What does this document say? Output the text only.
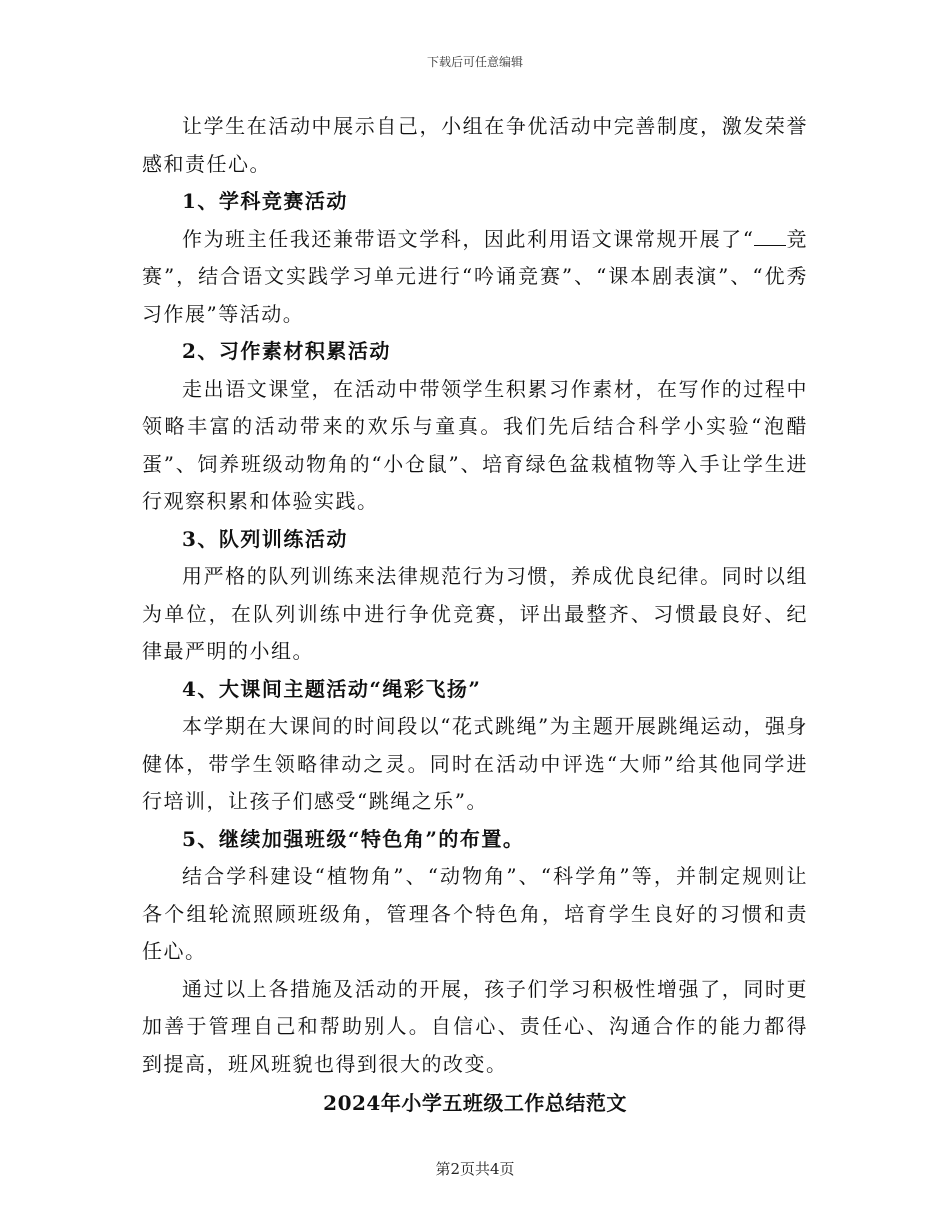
下载后可任意编辑

让学生在活动中展示自己，小组在争优活动中完善制度，激发荣誉感和责任心。

1、学科竞赛活动

作为班主任我还兼带语文学科，因此利用语文课常规开展了“ 竞赛”，结合语文实践学习单元进行“吟诵竞赛”、“课本剧表演”、“优秀习作展”等活动。

2、习作素材积累活动

走出语文课堂，在活动中带领学生积累习作素材，在写作的过程中领略丰富的活动带来的欢乐与童真。我们先后结合科学小实验“泡醋蛋”、饲养班级动物角的“小仓鼠”、培育绿色盆栽植物等入手让学生进行观察积累和体验实践。

3、队列训练活动

用严格的队列训练来法律规范行为习惯，养成优良纪律。同时以组为单位，在队列训练中进行争优竞赛，评出最整齐、习惯最良好、纪律最严明的小组。

4、大课间主题活动“绳彩飞扬”

本学期在大课间的时间段以“花式跳绳”为主题开展跳绳运动，强身健体，带学生领略律动之灵。同时在活动中评选“大师”给其他同学进行培训，让孩子们感受“跳绳之乐”。

5、继续加强班级“特色角”的布置。

结合学科建设“植物角”、“动物角”、“科学角”等，并制定规则让各个组轮流照顾班级角，管理各个特色角，培育学生良好的习惯和责任心。

通过以上各措施及活动的开展，孩子们学习积极性增强了，同时更加善于管理自己和帮助别人。自信心、责任心、沟通合作的能力都得到提高，班风班貌也得到很大的改变。

2024年小学五班级工作总结范文

第2页共4页
